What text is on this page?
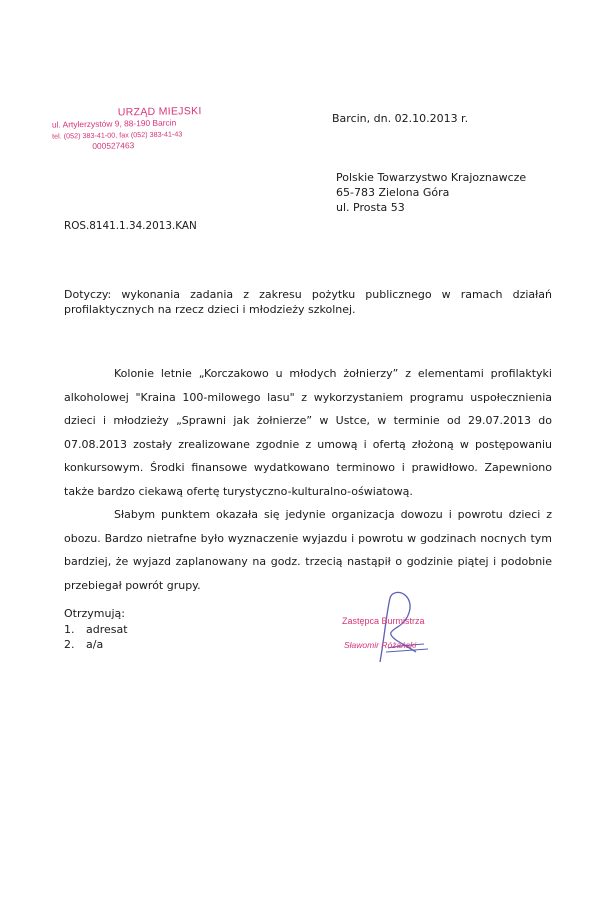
URZĄD MIEJSKI
ul. Artylerzystów 9, 88-190 Barcin
tel. (052) 383-41-00, fax (052) 383-41-43
000527463
Barcin, dn. 02.10.2013 r.
Polskie Towarzystwo Krajoznawcze
65-783 Zielona Góra
ul. Prosta 53
ROS.8141.1.34.2013.KAN
Dotyczy: wykonania zadania z zakresu pożytku publicznego w ramach działań profilaktycznych na rzecz dzieci i młodzieży szkolnej.

Kolonie letnie „Korczakowo u młodych żołnierzy” z elementami profilaktyki alkoholowej "Kraina 100-milowego lasu" z wykorzystaniem programu uspołecznienia dzieci i młodzieży „Sprawni jak żołnierze” w Ustce, w terminie od 29.07.2013 do 07.08.2013 zostały zrealizowane zgodnie z umową i ofertą złożoną w postępowaniu konkursowym. Środki finansowe wydatkowano terminowo i prawidłowo. Zapewniono także bardzo ciekawą ofertę turystyczno-kulturalno-oświatową.

Słabym punktem okazała się jedynie organizacja dowozu i powrotu dzieci z obozu. Bardzo nietrafne było wyznaczenie wyjazdu i powrotu w godzinach nocnych tym bardziej, że wyjazd zaplanowany na godz. trzecią nastąpił o godzinie piątej i podobnie przebiegał powrót grupy.

Otrzymują:
1. adresat
2. a/a
Zastępca Burmistrza
Sławomir Różański
